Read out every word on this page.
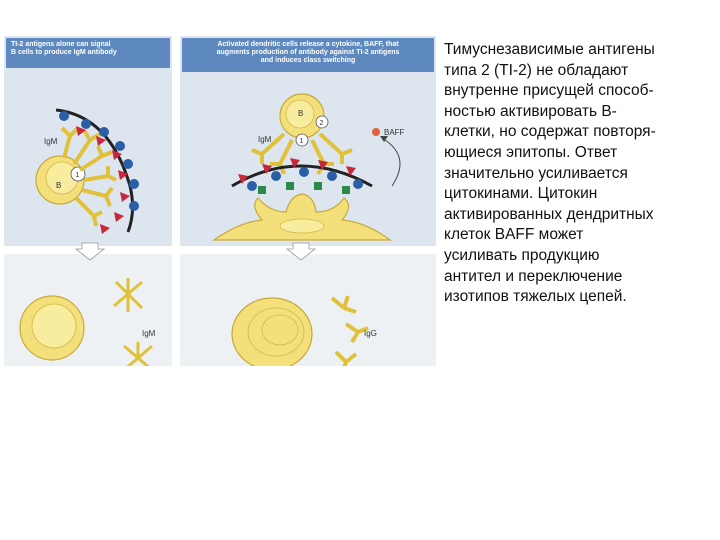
IgM
B
1
IgM
B
1
2
IgM
BAFF
IgG
TI-2 antigens alone can signal
B cells to produce IgM antibody
Activated dendritic cells release a cytokine, BAFF, that
augments production of antibody against TI-2 antigens
and induces class switching
Тимуснезависимые антигены
типа 2 (TI-2) не обладают
внутренне присущей способ-
ностью активировать В-
клетки, но содержат повторя-
ющиеся эпитопы. Ответ
значительно усиливается
цитокинами. Цитокин
активированных дендритных
клеток BAFF может
усиливать продукцию
антител и переключение
изотипов тяжелых цепей.
